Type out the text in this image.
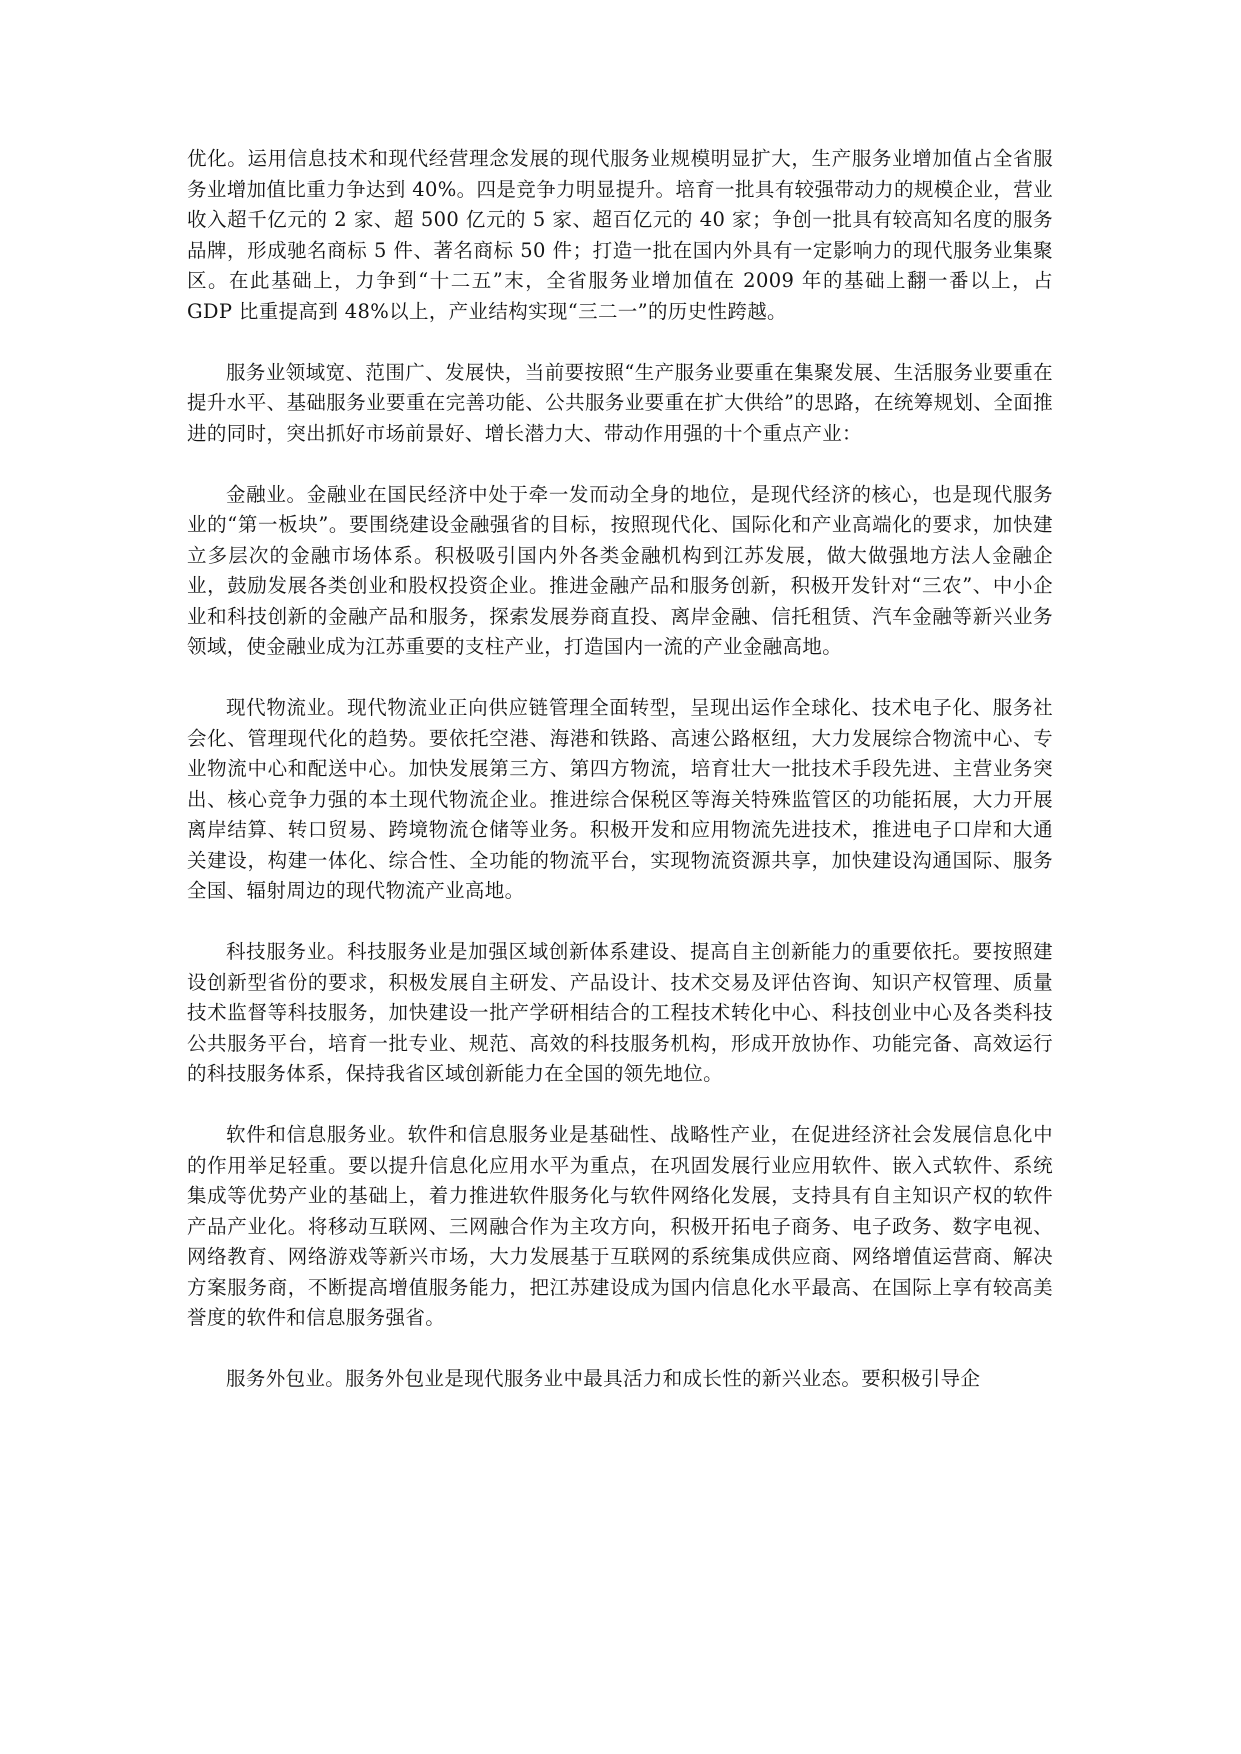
优化。运用信息技术和现代经营理念发展的现代服务业规模明显扩大，生产服务业增加值占全省服务业增加值比重力争达到 40%。四是竞争力明显提升。培育一批具有较强带动力的规模企业，营业收入超千亿元的 2 家、超 500 亿元的 5 家、超百亿元的 40 家；争创一批具有较高知名度的服务品牌，形成驰名商标 5 件、著名商标 50 件；打造一批在国内外具有一定影响力的现代服务业集聚区。在此基础上，力争到“十二五”末，全省服务业增加值在 2009 年的基础上翻一番以上，占 GDP 比重提高到 48%以上，产业结构实现“三二一”的历史性跨越。

服务业领域宽、范围广、发展快，当前要按照“生产服务业要重在集聚发展、生活服务业要重在提升水平、基础服务业要重在完善功能、公共服务业要重在扩大供给”的思路，在统筹规划、全面推进的同时，突出抓好市场前景好、增长潜力大、带动作用强的十个重点产业：

金融业。金融业在国民经济中处于牵一发而动全身的地位，是现代经济的核心，也是现代服务业的“第一板块”。要围绕建设金融强省的目标，按照现代化、国际化和产业高端化的要求，加快建立多层次的金融市场体系。积极吸引国内外各类金融机构到江苏发展，做大做强地方法人金融企业，鼓励发展各类创业和股权投资企业。推进金融产品和服务创新，积极开发针对“三农”、中小企业和科技创新的金融产品和服务，探索发展券商直投、离岸金融、信托租赁、汽车金融等新兴业务领域，使金融业成为江苏重要的支柱产业，打造国内一流的产业金融高地。

现代物流业。现代物流业正向供应链管理全面转型，呈现出运作全球化、技术电子化、服务社会化、管理现代化的趋势。要依托空港、海港和铁路、高速公路枢纽，大力发展综合物流中心、专业物流中心和配送中心。加快发展第三方、第四方物流，培育壮大一批技术手段先进、主营业务突出、核心竞争力强的本土现代物流企业。推进综合保税区等海关特殊监管区的功能拓展，大力开展离岸结算、转口贸易、跨境物流仓储等业务。积极开发和应用物流先进技术，推进电子口岸和大通关建设，构建一体化、综合性、全功能的物流平台，实现物流资源共享，加快建设沟通国际、服务全国、辐射周边的现代物流产业高地。

科技服务业。科技服务业是加强区域创新体系建设、提高自主创新能力的重要依托。要按照建设创新型省份的要求，积极发展自主研发、产品设计、技术交易及评估咨询、知识产权管理、质量技术监督等科技服务，加快建设一批产学研相结合的工程技术转化中心、科技创业中心及各类科技公共服务平台，培育一批专业、规范、高效的科技服务机构，形成开放协作、功能完备、高效运行的科技服务体系，保持我省区域创新能力在全国的领先地位。

软件和信息服务业。软件和信息服务业是基础性、战略性产业，在促进经济社会发展信息化中的作用举足轻重。要以提升信息化应用水平为重点，在巩固发展行业应用软件、嵌入式软件、系统集成等优势产业的基础上，着力推进软件服务化与软件网络化发展，支持具有自主知识产权的软件产品产业化。将移动互联网、三网融合作为主攻方向，积极开拓电子商务、电子政务、数字电视、网络教育、网络游戏等新兴市场，大力发展基于互联网的系统集成供应商、网络增值运营商、解决方案服务商，不断提高增值服务能力，把江苏建设成为国内信息化水平最高、在国际上享有较高美誉度的软件和信息服务强省。

服务外包业。服务外包业是现代服务业中最具活力和成长性的新兴业态。要积极引导企
